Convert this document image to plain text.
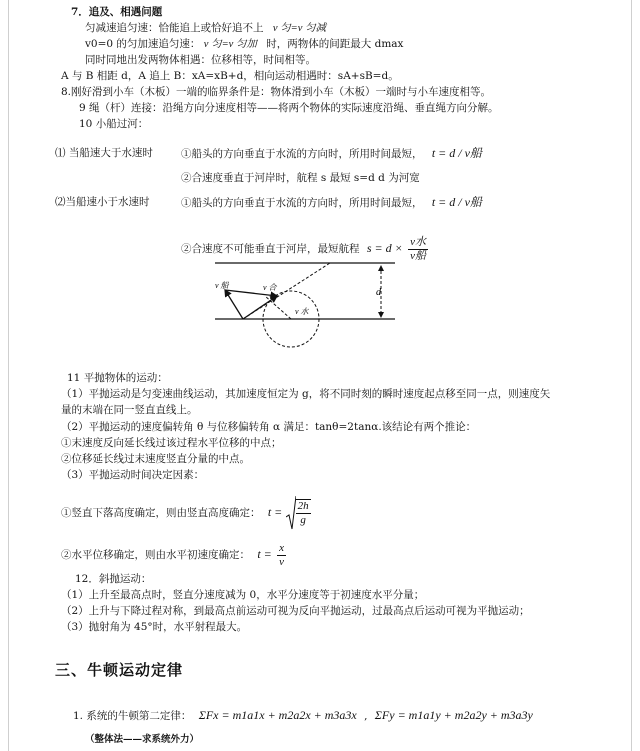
7．追及、相遇问题
匀减速追匀速：恰能追上或恰好追不上 v 匀=v 匀减
v0=0 的匀加速追匀速： v 匀=v 匀加 时，两物体的间距最大 dmax
同时同地出发两物体相遇：位移相等，时间相等。
A 与 B 相距 d，A 追上 B：xA=xB+d，相向运动相遇时：sA+sB=d。
8.刚好滑到小车（木板）一端的临界条件是：物体滑到小车（木板）一端时与小车速度相等。
9 绳（杆）连接：沿绳方向分速度相等——将两个物体的实际速度沿绳、垂直绳方向分解。
10 小船过河：
⑴ 当船速大于水速时	①船头的方向垂直于水流的方向时，所用时间最短， t = d / v船
②合速度垂直于河岸时，航程 s 最短 s=d d 为河宽
⑵当船速小于水速时	①船头的方向垂直于水流的方向时，所用时间最短， t = d / v船
②合速度不可能垂直于河岸，最短航程 $s = d \times \frac{\text{v水}}{\text{v船}}$
v 船	v 合
v 水
d
11 平抛物体的运动：
（1）平抛运动是匀变速曲线运动，其加速度恒定为 g，将不同时刻的瞬时速度起点移至同一点，则速度矢
量的末端在同一竖直直线上。
（2）平抛运动的速度偏转角 θ 与位移偏转角 α 满足：tanθ=2tanα.该结论有两个推论：
①末速度反向延长线过该过程水平位移的中点；
②位移延长线过末速度竖直分量的中点。
（3）平抛运动时间决定因素：
①竖直下落高度确定，则由竖直高度确定： $t = \frac{2h}{g}$
②水平位移确定，则由水平初速度确定： $t = \frac{x}{v}$
12．斜抛运动：
（1）上升至最高点时，竖直分速度减为 0，水平分速度等于初速度水平分量；
（2）上升与下降过程对称，到最高点前运动可视为反向平抛运动，过最高点后运动可视为平抛运动；
（3）抛射角为 45°时，水平射程最大。
三、牛顿运动定律
1. 系统的牛顿第二定律： ΣFx = m1a1x + m2a2x + m3a3x , ΣFy = m1a1y + m2a2y + m3a3y
（整体法——求系统外力）
